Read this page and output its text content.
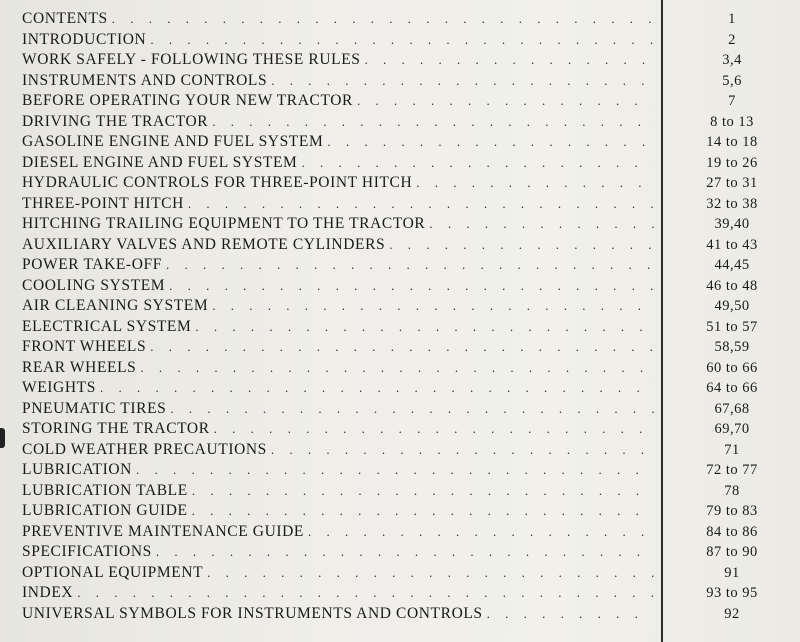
CONTENTS
. . .
INTRODUCTION
. . .
WORK SAFELY - FOLLOWING THESE RULES
. . .
INSTRUMENTS AND CONTROLS
. . .
BEFORE OPERATING YOUR NEW TRACTOR
. . .
DRIVING THE TRACTOR
. . .
GASOLINE ENGINE AND FUEL SYSTEM
. . .
DIESEL ENGINE AND FUEL SYSTEM
. . .
HYDRAULIC CONTROLS FOR THREE-POINT HITCH
. . .
THREE-POINT HITCH
. . .
HITCHING TRAILING EQUIPMENT TO THE TRACTOR
. . .
AUXILIARY VALVES AND REMOTE CYLINDERS
. . .
POWER TAKE-OFF
. . .
COOLING SYSTEM
. . .
AIR CLEANING SYSTEM
. . .
ELECTRICAL SYSTEM
. . .
FRONT WHEELS
. . .
REAR WHEELS
. . .
WEIGHTS
. . .
PNEUMATIC TIRES
. . .
STORING THE TRACTOR
. . .
COLD WEATHER PRECAUTIONS
. . .
LUBRICATION
. . .
LUBRICATION TABLE
. . .
LUBRICATION GUIDE
. . .
PREVENTIVE MAINTENANCE GUIDE
. . .
SPECIFICATIONS
. . .
OPTIONAL EQUIPMENT
. . .
INDEX
. . .
UNIVERSAL SYMBOLS FOR INSTRUMENTS AND CONTROLS
. . .
1
2
3,4
5,6
7
8 to 13
14 to 18
19 to 26
27 to 31
32 to 38
39,40
41 to 43
44,45
46 to 48
49,50
51 to 57
58,59
60 to 66
64 to 66
67,68
69,70
71
72 to 77
78
79 to 83
84 to 86
87 to 90
91
93 to 95
92
